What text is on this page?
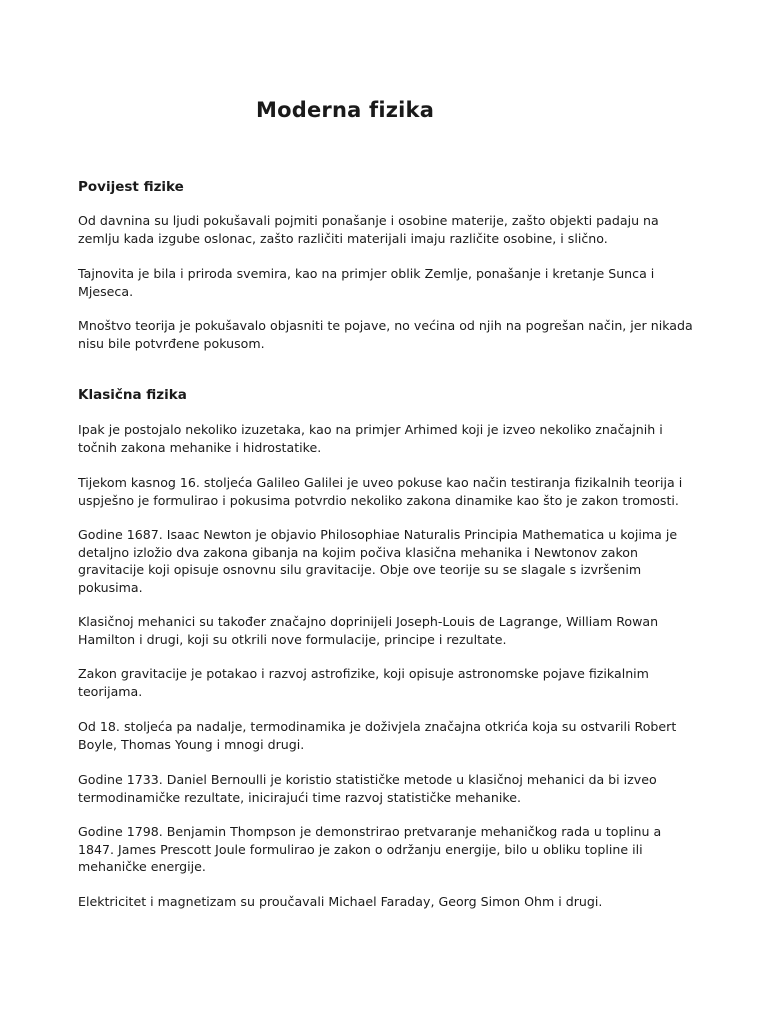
Moderna fizika
Povijest fizike

Od davnina su ljudi pokušavali pojmiti ponašanje i osobine materije, zašto objekti padaju na zemlju kada izgube oslonac, zašto različiti materijali imaju različite osobine, i slično.

Tajnovita je bila i priroda svemira, kao na primjer oblik Zemlje, ponašanje i kretanje Sunca i Mjeseca.

Mnoštvo teorija je pokušavalo objasniti te pojave, no većina od njih na pogrešan način, jer nikada nisu bile potvrđene pokusom.

Klasična fizika

Ipak je postojalo nekoliko izuzetaka, kao na primjer Arhimed koji je izveo nekoliko značajnih i točnih zakona mehanike i hidrostatike.

Tijekom kasnog 16. stoljeća Galileo Galilei je uveo pokuse kao način testiranja fizikalnih teorija i uspješno je formulirao i pokusima potvrdio nekoliko zakona dinamike kao što je zakon tromosti.

Godine 1687. Isaac Newton je objavio Philosophiae Naturalis Principia Mathematica u kojima je detaljno izložio dva zakona gibanja na kojim počiva klasična mehanika i Newtonov zakon gravitacije koji opisuje osnovnu silu gravitacije. Obje ove teorije su se slagale s izvršenim pokusima.

Klasičnoj mehanici su također značajno doprinijeli Joseph-Louis de Lagrange, William Rowan Hamilton i drugi, koji su otkrili nove formulacije, principe i rezultate.

Zakon gravitacije je potakao i razvoj astrofizike, koji opisuje astronomske pojave fizikalnim teorijama.

Od 18. stoljeća pa nadalje, termodinamika je doživjela značajna otkrića koja su ostvarili Robert Boyle, Thomas Young i mnogi drugi.

Godine 1733. Daniel Bernoulli je koristio statističke metode u klasičnoj mehanici da bi izveo termodinamičke rezultate, inicirajući time razvoj statističke mehanike.

Godine 1798. Benjamin Thompson je demonstrirao pretvaranje mehaničkog rada u toplinu a 1847. James Prescott Joule formulirao je zakon o održanju energije, bilo u obliku topline ili mehaničke energije.

Elektricitet i magnetizam su proučavali Michael Faraday, Georg Simon Ohm i drugi.
